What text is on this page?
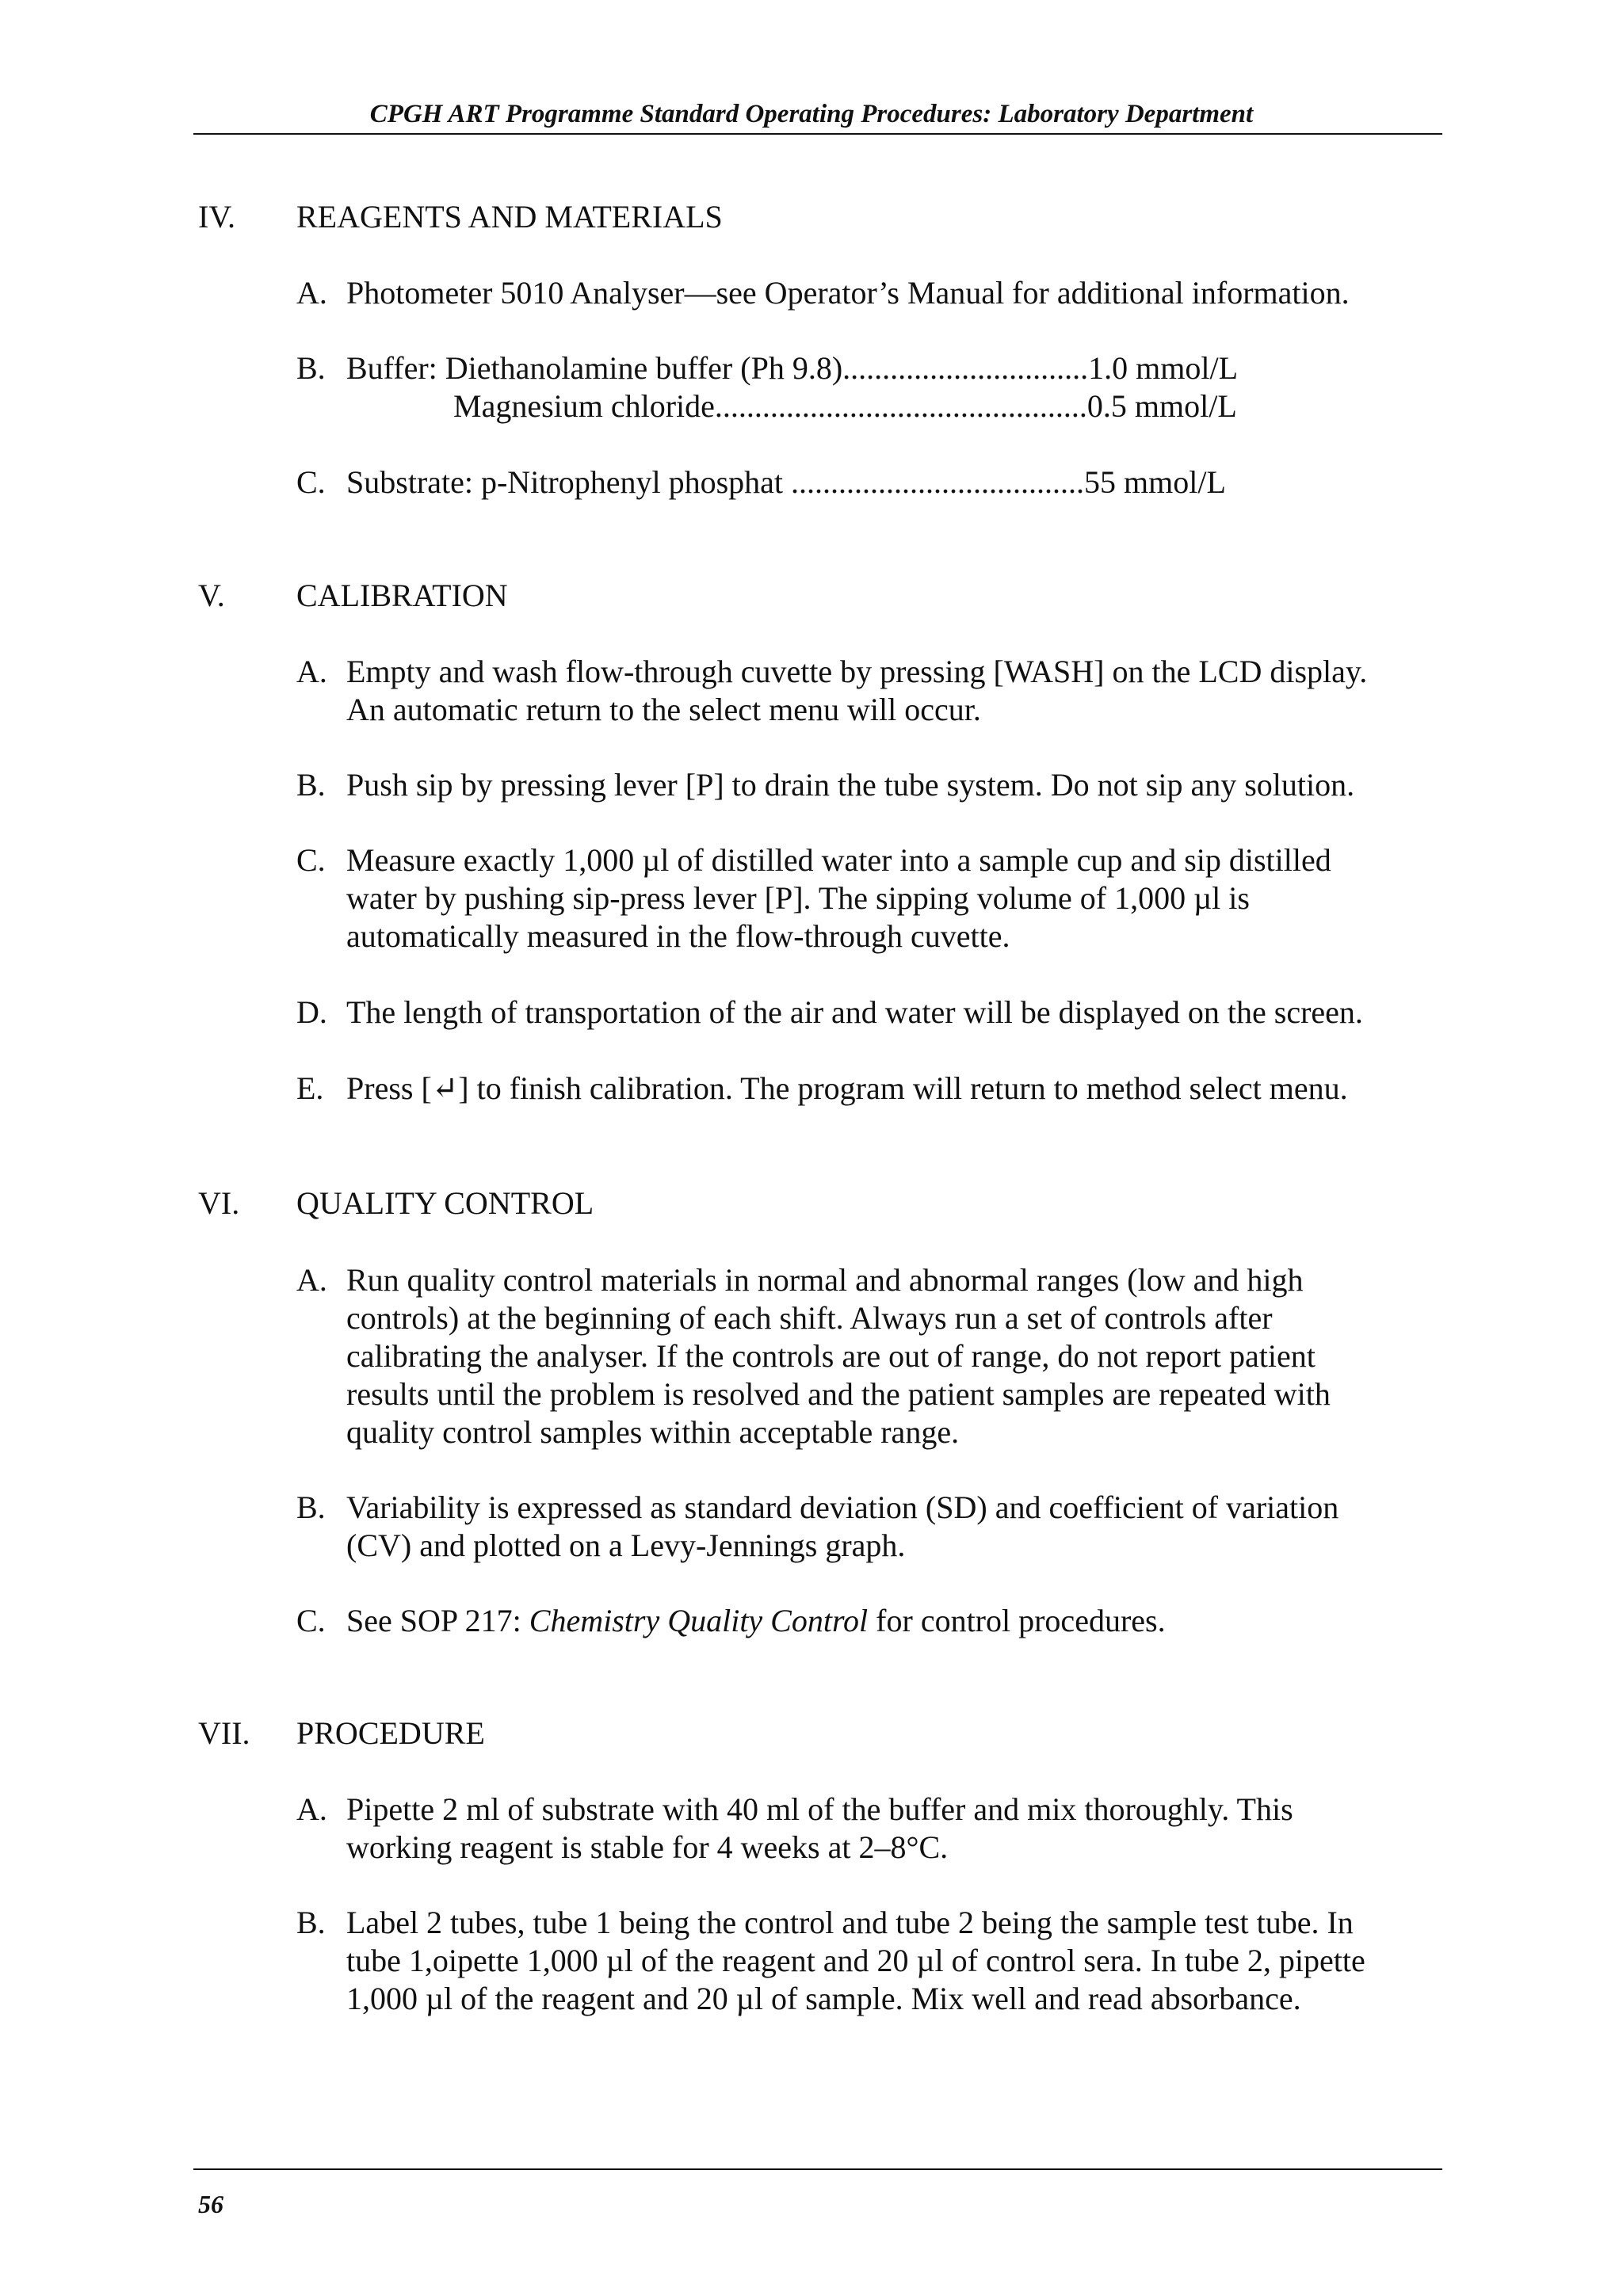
CPGH ART Programme Standard Operating Procedures: Laboratory Department
IV. REAGENTS AND MATERIALS
A. Photometer 5010 Analyser—see Operator’s Manual for additional information.
B. Buffer: Diethanolamine buffer (Ph 9.8)...............................1.0 mmol/L
Magnesium chloride...............................................0.5 mmol/L
C. Substrate: p-Nitrophenyl phosphat .....................................55 mmol/L
V. CALIBRATION
A. Empty and wash flow-through cuvette by pressing [WASH] on the LCD display.
An automatic return to the select menu will occur.
B. Push sip by pressing lever [P] to drain the tube system. Do not sip any solution.
C. Measure exactly 1,000 µl of distilled water into a sample cup and sip distilled
water by pushing sip-press lever [P]. The sipping volume of 1,000 µl is
automatically measured in the flow-through cuvette.
D. The length of transportation of the air and water will be displayed on the screen.
E. Press [↵] to finish calibration. The program will return to method select menu.
VI. QUALITY CONTROL
A. Run quality control materials in normal and abnormal ranges (low and high
controls) at the beginning of each shift. Always run a set of controls after
calibrating the analyser. If the controls are out of range, do not report patient
results until the problem is resolved and the patient samples are repeated with
quality control samples within acceptable range.
B. Variability is expressed as standard deviation (SD) and coefficient of variation
(CV) and plotted on a Levy-Jennings graph.
C. See SOP 217: Chemistry Quality Control for control procedures.
VII. PROCEDURE
A. Pipette 2 ml of substrate with 40 ml of the buffer and mix thoroughly. This
working reagent is stable for 4 weeks at 2–8°C.
B. Label 2 tubes, tube 1 being the control and tube 2 being the sample test tube. In
tube 1,oipette 1,000 µl of the reagent and 20 µl of control sera. In tube 2, pipette
1,000 µl of the reagent and 20 µl of sample. Mix well and read absorbance.
56
